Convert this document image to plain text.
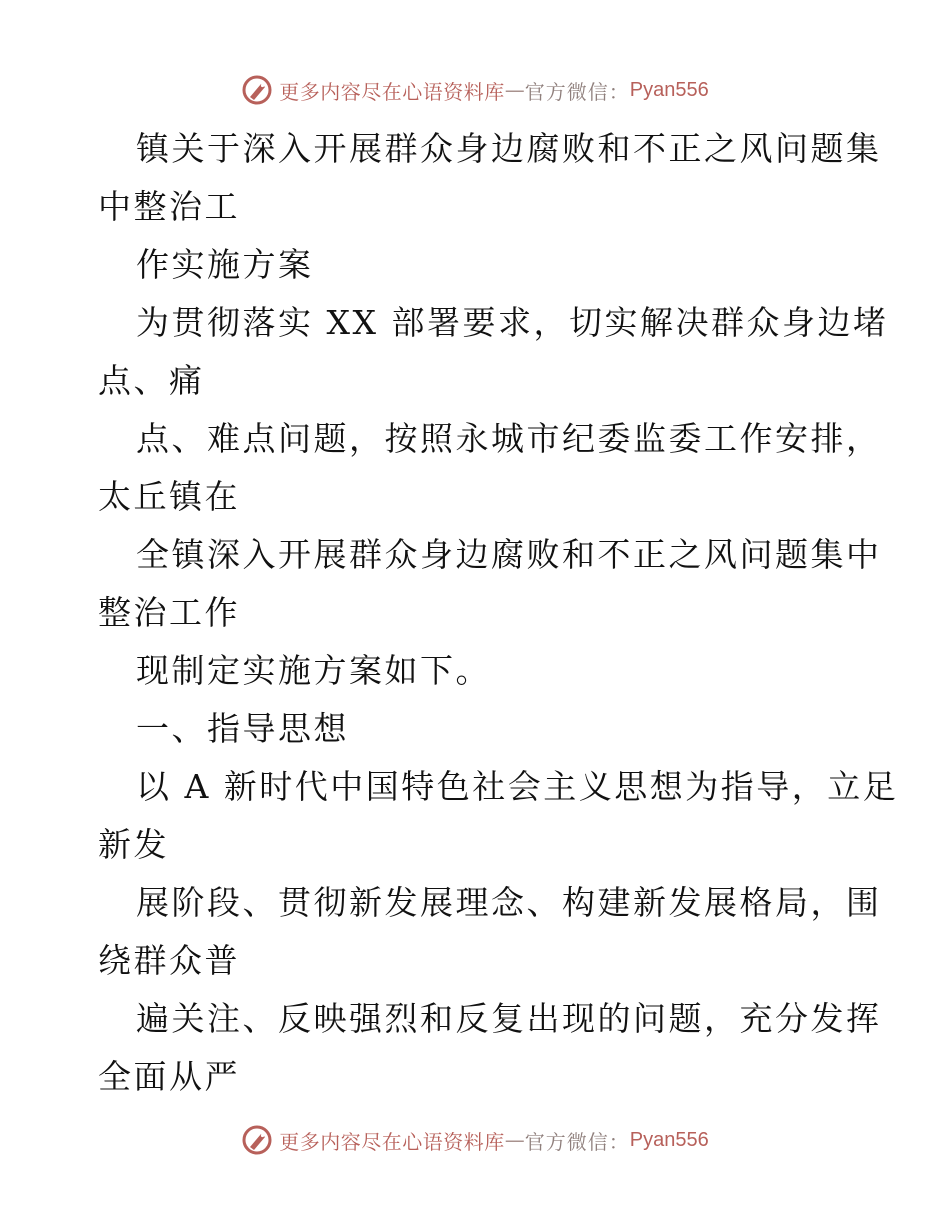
更多内容尽在心语资料库 — 官方微信： Pyan556
镇关于深入开展群众身边腐败和不正之风问题集
中整治工
作实施方案
为贯彻落实 XX 部署要求，切实解决群众身边堵
点、痛
点、难点问题，按照永城市纪委监委工作安排，
太丘镇在
全镇深入开展群众身边腐败和不正之风问题集中
整治工作
现制定实施方案如下。
一、指导思想
以 A 新时代中国特色社会主义思想为指导，立足
新发
展阶段、贯彻新发展理念、构建新发展格局，围
绕群众普
遍关注、反映强烈和反复出现的问题，充分发挥
全面从严
更多内容尽在心语资料库 — 官方微信： Pyan556
